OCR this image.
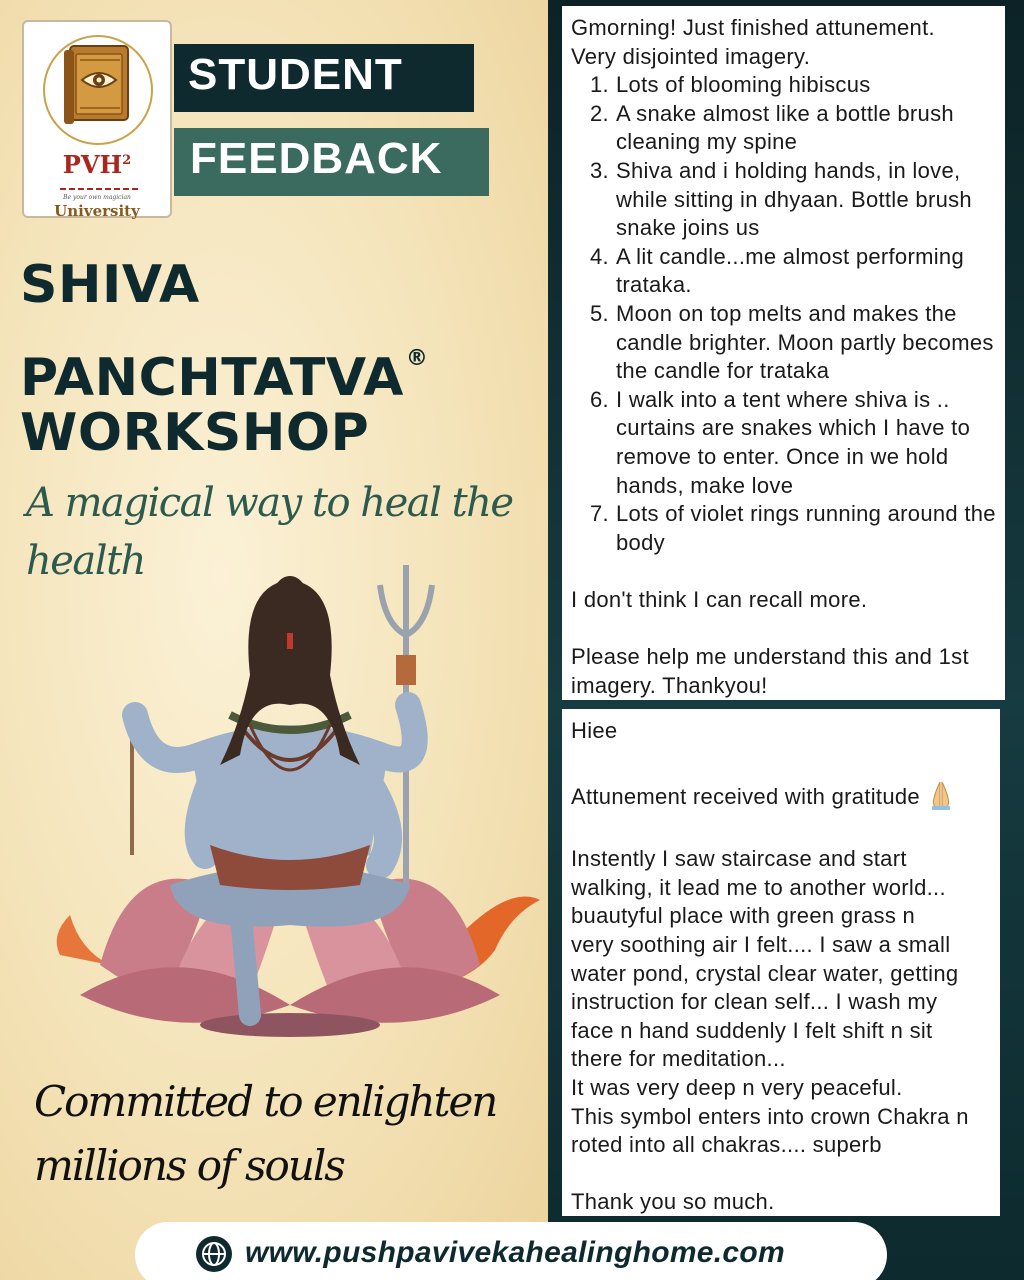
PVH$^2$
Be your own magician
University
STUDENT
FEEDBACK
SHIVA
PANCHTATVA®
WORKSHOP
A magical way to heal the health
Committed to enlighten millions of souls

Gmorning! Just finished attunement.

Very disjointed imagery.

Lots of blooming hibiscus
A snake almost like a bottle brush cleaning my spine
Shiva and i holding hands, in love, while sitting in dhyaan. Bottle brush snake joins us
A lit candle...me almost performing trataka.
Moon on top melts and makes the candle brighter. Moon partly becomes the candle for trataka
I walk into a tent where shiva is .. curtains are snakes which I have to remove to enter. Once in we hold hands, make love
Lots of violet rings running around the body

I don't think I can recall more.

Please help me understand this and 1st imagery. Thankyou!

Hiee

Attunement received with gratitude

Instently I saw staircase and start

walking, it lead me to another world...

buautyful place with green grass n

very soothing air I felt.... I saw a small

water pond, crystal clear water, getting

instruction for clean self... I wash my

face n hand suddenly I felt shift n sit

there for meditation...

It was very deep n very peaceful.

This symbol enters into crown Chakra n

roted into all chakras.... superb

Thank you so much.

www.pushpavivekahealinghome.com
